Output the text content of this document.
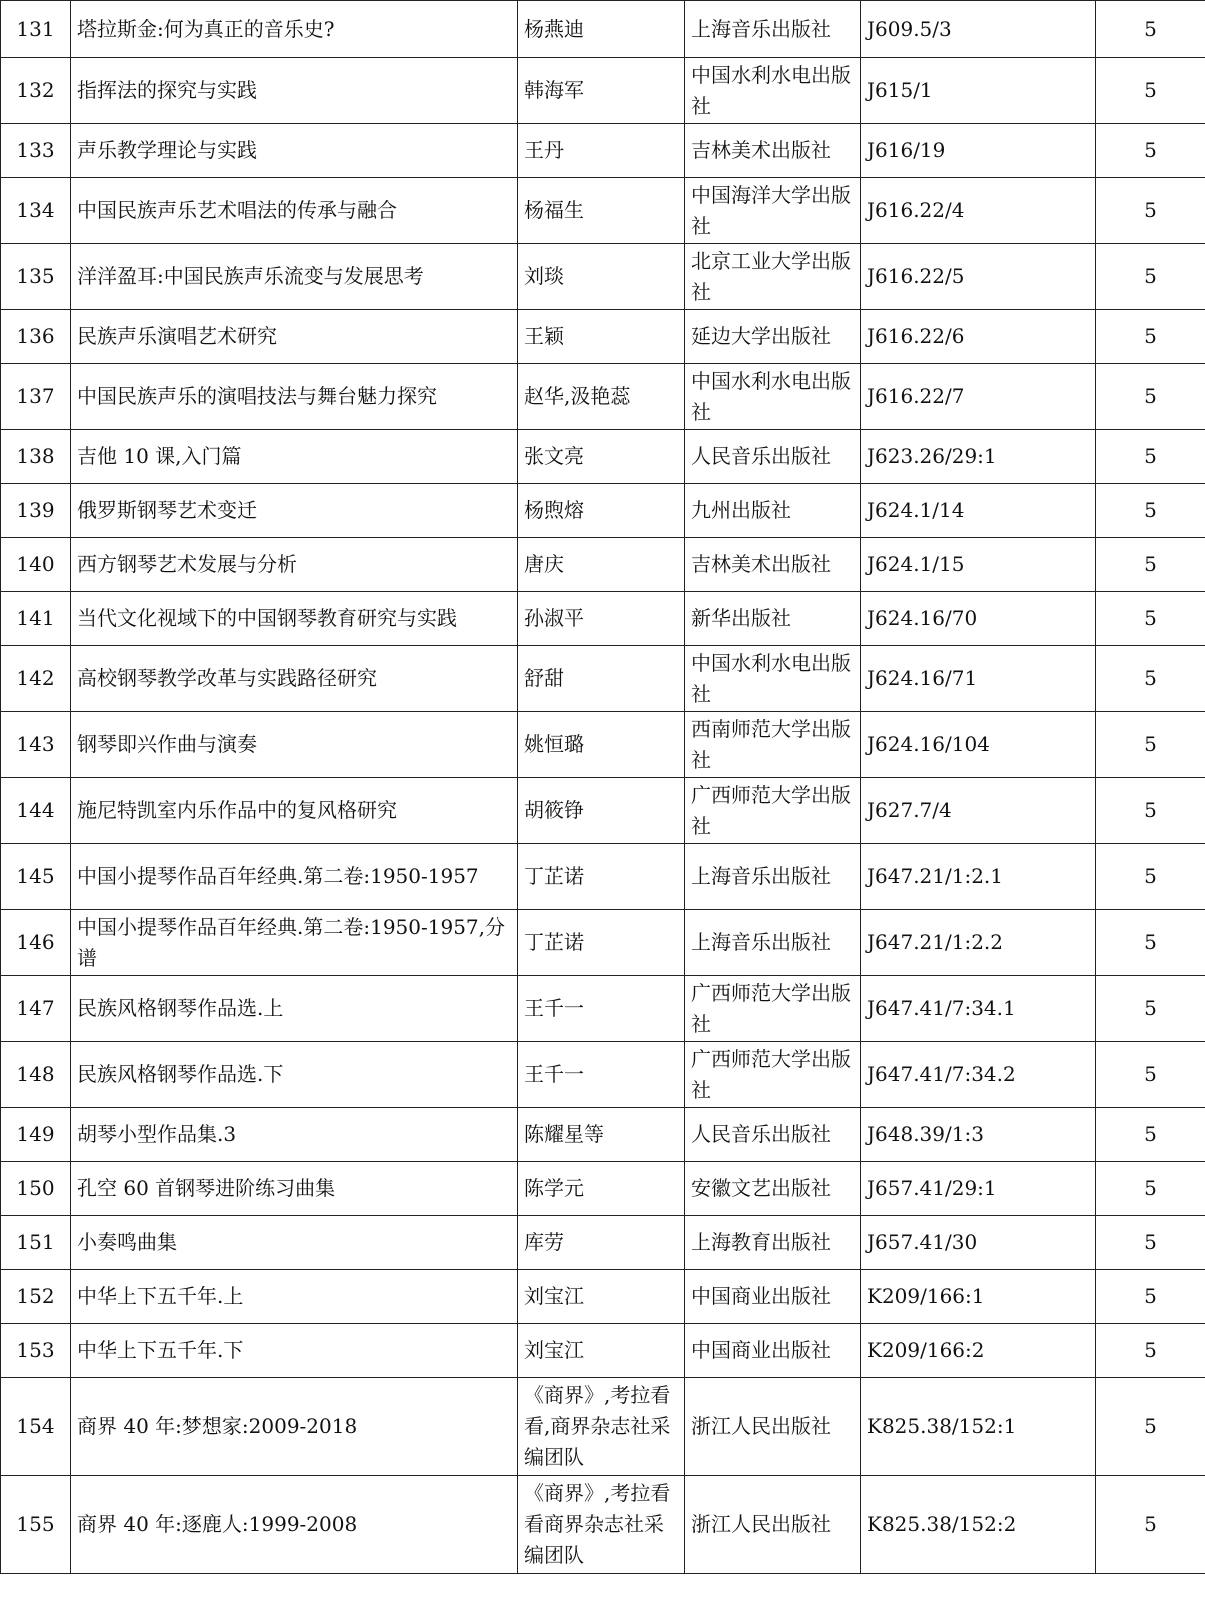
131	塔拉斯金:何为真正的音乐史?	杨燕迪	上海音乐出版社	J609.5/3	5
132	指挥法的探究与实践	韩海军	中国水利水电出版社	J615/1	5
133	声乐教学理论与实践	王丹	吉林美术出版社	J616/19	5
134	中国民族声乐艺术唱法的传承与融合	杨福生	中国海洋大学出版社	J616.22/4	5
135	洋洋盈耳:中国民族声乐流变与发展思考	刘琰	北京工业大学出版社	J616.22/5	5
136	民族声乐演唱艺术研究	王颖	延边大学出版社	J616.22/6	5
137	中国民族声乐的演唱技法与舞台魅力探究	赵华,汲艳蕊	中国水利水电出版社	J616.22/7	5
138	吉他 10 课,入门篇	张文亮	人民音乐出版社	J623.26/29:1	5
139	俄罗斯钢琴艺术变迁	杨煦熔	九州出版社	J624.1/14	5
140	西方钢琴艺术发展与分析	唐庆	吉林美术出版社	J624.1/15	5
141	当代文化视域下的中国钢琴教育研究与实践	孙淑平	新华出版社	J624.16/70	5
142	高校钢琴教学改革与实践路径研究	舒甜	中国水利水电出版社	J624.16/71	5
143	钢琴即兴作曲与演奏	姚恒璐	西南师范大学出版社	J624.16/104	5
144	施尼特凯室内乐作品中的复风格研究	胡筱铮	广西师范大学出版社	J627.7/4	5
145	中国小提琴作品百年经典.第二卷:1950-1957	丁芷诺	上海音乐出版社	J647.21/1:2.1	5
146	中国小提琴作品百年经典.第二卷:1950-1957,分谱	丁芷诺	上海音乐出版社	J647.21/1:2.2	5
147	民族风格钢琴作品选.上	王千一	广西师范大学出版社	J647.41/7:34.1	5
148	民族风格钢琴作品选.下	王千一	广西师范大学出版社	J647.41/7:34.2	5
149	胡琴小型作品集.3	陈耀星等	人民音乐出版社	J648.39/1:3	5
150	孔空 60 首钢琴进阶练习曲集	陈学元	安徽文艺出版社	J657.41/29:1	5
151	小奏鸣曲集	库劳	上海教育出版社	J657.41/30	5
152	中华上下五千年.上	刘宝江	中国商业出版社	K209/166:1	5
153	中华上下五千年.下	刘宝江	中国商业出版社	K209/166:2	5
154	商界 40 年:梦想家:2009-2018	《商界》,考拉看看,商界杂志社采编团队	浙江人民出版社	K825.38/152:1	5
155	商界 40 年:逐鹿人:1999-2008	《商界》,考拉看看商界杂志社采编团队	浙江人民出版社	K825.38/152:2	5
